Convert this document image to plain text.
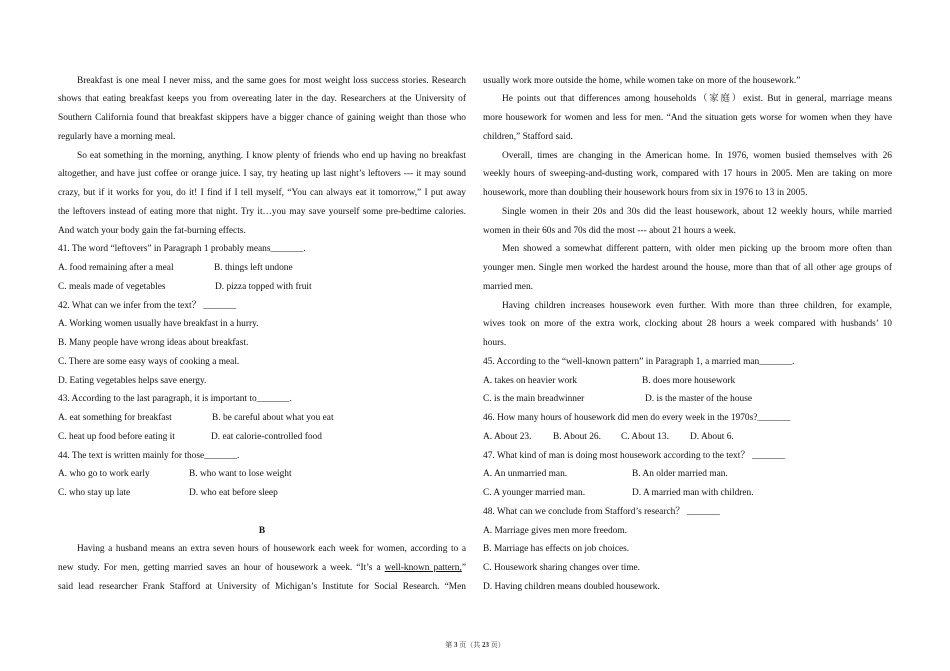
Breakfast is one meal I never miss, and the same goes for most weight loss success stories. Research
shows that eating breakfast keeps you from overeating later in the day. Researchers at the University of
Southern California found that breakfast skippers have a bigger chance of gaining weight than those who
regularly have a morning meal.
So eat something in the morning, anything. I know plenty of friends who end up having no breakfast
altogether, and have just coffee or orange juice. I say, try heating up last night’s leftovers --- it may sound
crazy, but if it works for you, do it! I find if I tell myself, “You can always eat it tomorrow,” I put away
the leftovers instead of eating more that night. Try it…you may save yourself some pre-bedtime calories.
And watch your body gain the fat-burning effects.
41. The word “leftovers” in Paragraph 1 probably means_______.
A. food remaining after a meal	B. things left undone
C. meals made of vegetables	D. pizza topped with fruit
42. What can we infer from the text？ _______
A. Working women usually have breakfast in a hurry.
B. Many people have wrong ideas about breakfast.
C. There are some easy ways of cooking a meal.
D. Eating vegetables helps save energy.
43. According to the last paragraph, it is important to_______.
A. eat something for breakfast	B. be careful about what you eat
C. heat up food before eating it	D. eat calorie-controlled food
44. The text is written mainly for those_______.
A. who go to work early	B. who want to lose weight
C. who stay up late	D. who eat before sleep
B
Having a husband means an extra seven hours of housework each week for women, according to a
new study. For men, getting married saves an hour of housework a week. “It’s a well-known pattern,”
said lead researcher Frank Stafford at University of Michigan’s Institute for Social Research. “Men
usually work more outside the home, while women take on more of the housework.”
He points out that differences among households（家庭）exist. But in general, marriage means
more housework for women and less for men. “And the situation gets worse for women when they have
children,” Stafford said.
Overall, times are changing in the American home. In 1976, women busied themselves with 26
weekly hours of sweeping-and-dusting work, compared with 17 hours in 2005. Men are taking on more
housework, more than doubling their housework hours from six in 1976 to 13 in 2005.
Single women in their 20s and 30s did the least housework, about 12 weekly hours, while married
women in their 60s and 70s did the most --- about 21 hours a week.
Men showed a somewhat different pattern, with older men picking up the broom more often than
younger men. Single men worked the hardest around the house, more than that of all other age groups of
married men.
Having children increases housework even further. With more than three children, for example,
wives took on more of the extra work, clocking about 28 hours a week compared with husbands’ 10
hours.
45. According to the “well-known pattern” in Paragraph 1, a married man_______.
A. takes on heavier work	B. does more housework
C. is the main breadwinner	D. is the master of the house
46. How many hours of housework did men do every week in the 1970s?_______
A. About 23. B. About 26. C. About 13. D. About 6.
47. What kind of man is doing most housework according to the text？ _______
A. An unmarried man.	B. An older married man.
C. A younger married man.	D. A married man with children.
48. What can we conclude from Stafford’s research？ _______
A. Marriage gives men more freedom.
B. Marriage has effects on job choices.
C. Housework sharing changes over time.
D. Having children means doubled housework.
第 3 页（共 23 页）
